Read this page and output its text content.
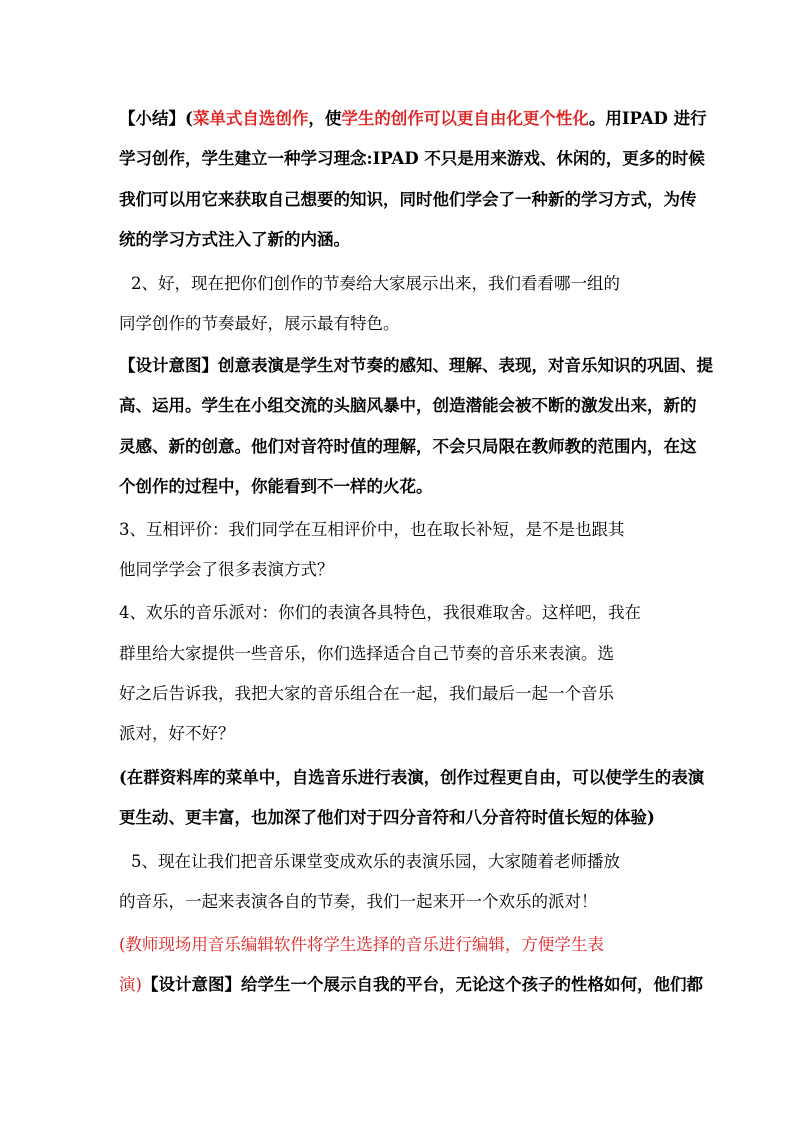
【小结】(菜单式自选创作，使学生的创作可以更自由化更个性化。用IPAD 进行
学习创作，学生建立一种学习理念:IPAD 不只是用来游戏、休闲的，更多的时候
我们可以用它来获取自己想要的知识，同时他们学会了一种新的学习方式，为传
统的学习方式注入了新的内涵。
2、好，现在把你们创作的节奏给大家展示出来，我们看看哪一组的
同学创作的节奏最好，展示最有特色。
【设计意图】创意表演是学生对节奏的感知、理解、表现，对音乐知识的巩固、提
高、运用。学生在小组交流的头脑风暴中，创造潜能会被不断的激发出来，新的
灵感、新的创意。他们对音符时值的理解，不会只局限在教师教的范围内，在这
个创作的过程中，你能看到不一样的火花。
3、互相评价：我们同学在互相评价中，也在取长补短，是不是也跟其
他同学学会了很多表演方式？
4、欢乐的音乐派对：你们的表演各具特色，我很难取舍。这样吧，我在
群里给大家提供一些音乐，你们选择适合自己节奏的音乐来表演。选
好之后告诉我，我把大家的音乐组合在一起，我们最后一起一个音乐
派对，好不好？
(在群资料库的菜单中，自选音乐进行表演，创作过程更自由，可以使学生的表演
更生动、更丰富，也加深了他们对于四分音符和八分音符时值长短的体验)
5、现在让我们把音乐课堂变成欢乐的表演乐园，大家随着老师播放
的音乐，一起来表演各自的节奏，我们一起来开一个欢乐的派对！
(教师现场用音乐编辑软件将学生选择的音乐进行编辑，方便学生表
演)【设计意图】给学生一个展示自我的平台，无论这个孩子的性格如何，他们都
